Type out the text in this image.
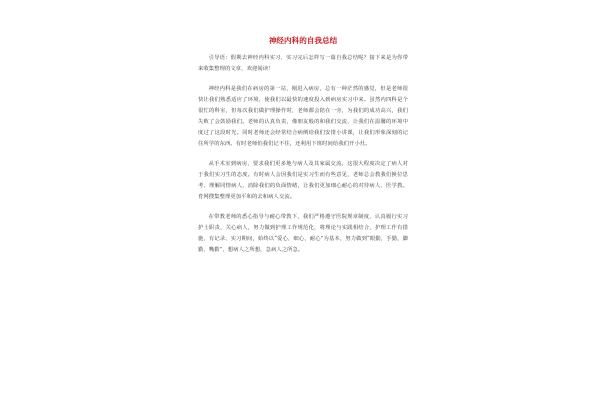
神经内科的自我总结

引导语：假期去神经内科实习，实习完后怎样写一篇自我总结呢？接下来是为你带来收集整理的文章，欢迎阅读！

神经内科是我们在病房的第一站，刚进入病房，总有一种茫然的感觉，但是老师很快让我们熟悉适应了环境，使我们以最快的速度投入到病房实习中来。虽然内四科是个很忙的科室，但每次我们做护理操作时，老师都会陪在一旁，为我们的成功高兴，我们失败了会鼓励我们。老师的认真负责，像朋友般的和我们交流，让我们在温馨的环境中度过了这段时光。同时老师还会经常结合病例给我们安排小讲课，让我们形象深刻的记住所学的东西。有时老师怕我们记不住，还利用下班时间给我们开小灶。

从手术室到病房，要求我们更多地与病人及其家属交流，这很大程度决定了病人对于我们实习生的态度。有时病人会因我们是实习生而有些意见，老师总会教我们换位思考，理解同情病人，消除我们的负面情绪，让我们更加细心耐心的对待病人、医学教。育网搜集整理更加平和的去和病人交流。

在带教老师的悉心指导与耐心带教下，我们严格遵守医院规章制度，认真履行实习护士职责，关心病人，努力做到护理工作规范化，将理论与实践相结合，护理工作有措施，有记录、实习期间，始终以“爱心，细心，耐心”为基本，努力做到“眼勤，手勤，脚勤，嘴勤”，想病人之所想，急病人之所急。
